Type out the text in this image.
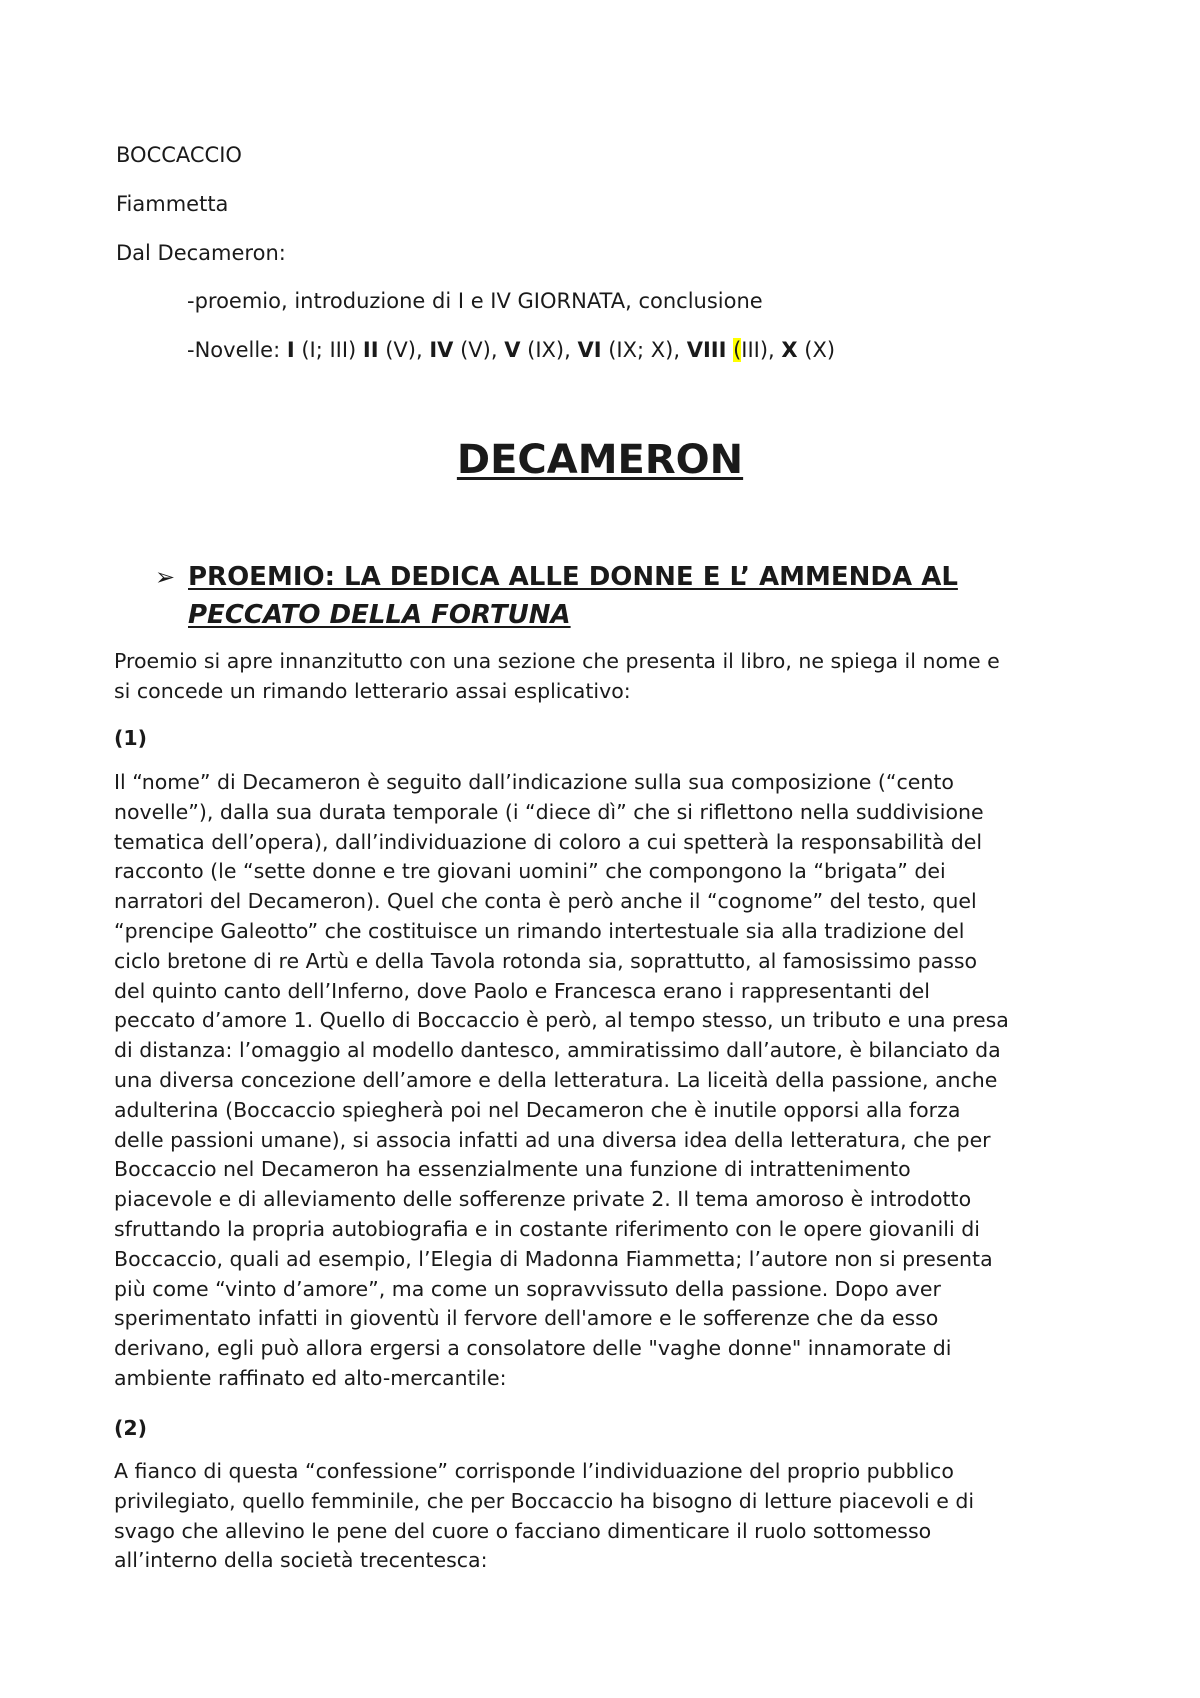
BOCCACCIO
Fiammetta
Dal Decameron:
-proemio, introduzione di I e IV GIORNATA, conclusione
-Novelle: I (I; III) II (V), IV (V), V (IX), VI (IX; X), VIII (III), X (X)
DECAMERON
➢ PROEMIO: LA DEDICA ALLE DONNE E L’ AMMENDA AL
PECCATO DELLA FORTUNA
Proemio si apre innanzitutto con una sezione che presenta il libro, ne spiega il nome e
si concede un rimando letterario assai esplicativo:
(1)
Il “nome” di Decameron è seguito dall’indicazione sulla sua composizione (“cento
novelle”), dalla sua durata temporale (i “diece dì” che si riflettono nella suddivisione
tematica dell’opera), dall’individuazione di coloro a cui spetterà la responsabilità del
racconto (le “sette donne e tre giovani uomini” che compongono la “brigata” dei
narratori del Decameron). Quel che conta è però anche il “cognome” del testo, quel
“prencipe Galeotto” che costituisce un rimando intertestuale sia alla tradizione del
ciclo bretone di re Artù e della Tavola rotonda sia, soprattutto, al famosissimo passo
del quinto canto dell’Inferno, dove Paolo e Francesca erano i rappresentanti del
peccato d’amore 1. Quello di Boccaccio è però, al tempo stesso, un tributo e una presa
di distanza: l’omaggio al modello dantesco, ammiratissimo dall’autore, è bilanciato da
una diversa concezione dell’amore e della letteratura. La liceità della passione, anche
adulterina (Boccaccio spiegherà poi nel Decameron che è inutile opporsi alla forza
delle passioni umane), si associa infatti ad una diversa idea della letteratura, che per
Boccaccio nel Decameron ha essenzialmente una funzione di intrattenimento
piacevole e di alleviamento delle sofferenze private 2. Il tema amoroso è introdotto
sfruttando la propria autobiografia e in costante riferimento con le opere giovanili di
Boccaccio, quali ad esempio, l’Elegia di Madonna Fiammetta; l’autore non si presenta
più come “vinto d’amore”, ma come un sopravvissuto della passione. Dopo aver
sperimentato infatti in gioventù il fervore dell'amore e le sofferenze che da esso
derivano, egli può allora ergersi a consolatore delle "vaghe donne" innamorate di
ambiente raffinato ed alto-mercantile:
(2)
A fianco di questa “confessione” corrisponde l’individuazione del proprio pubblico
privilegiato, quello femminile, che per Boccaccio ha bisogno di letture piacevoli e di
svago che allevino le pene del cuore o facciano dimenticare il ruolo sottomesso
all’interno della società trecentesca:
